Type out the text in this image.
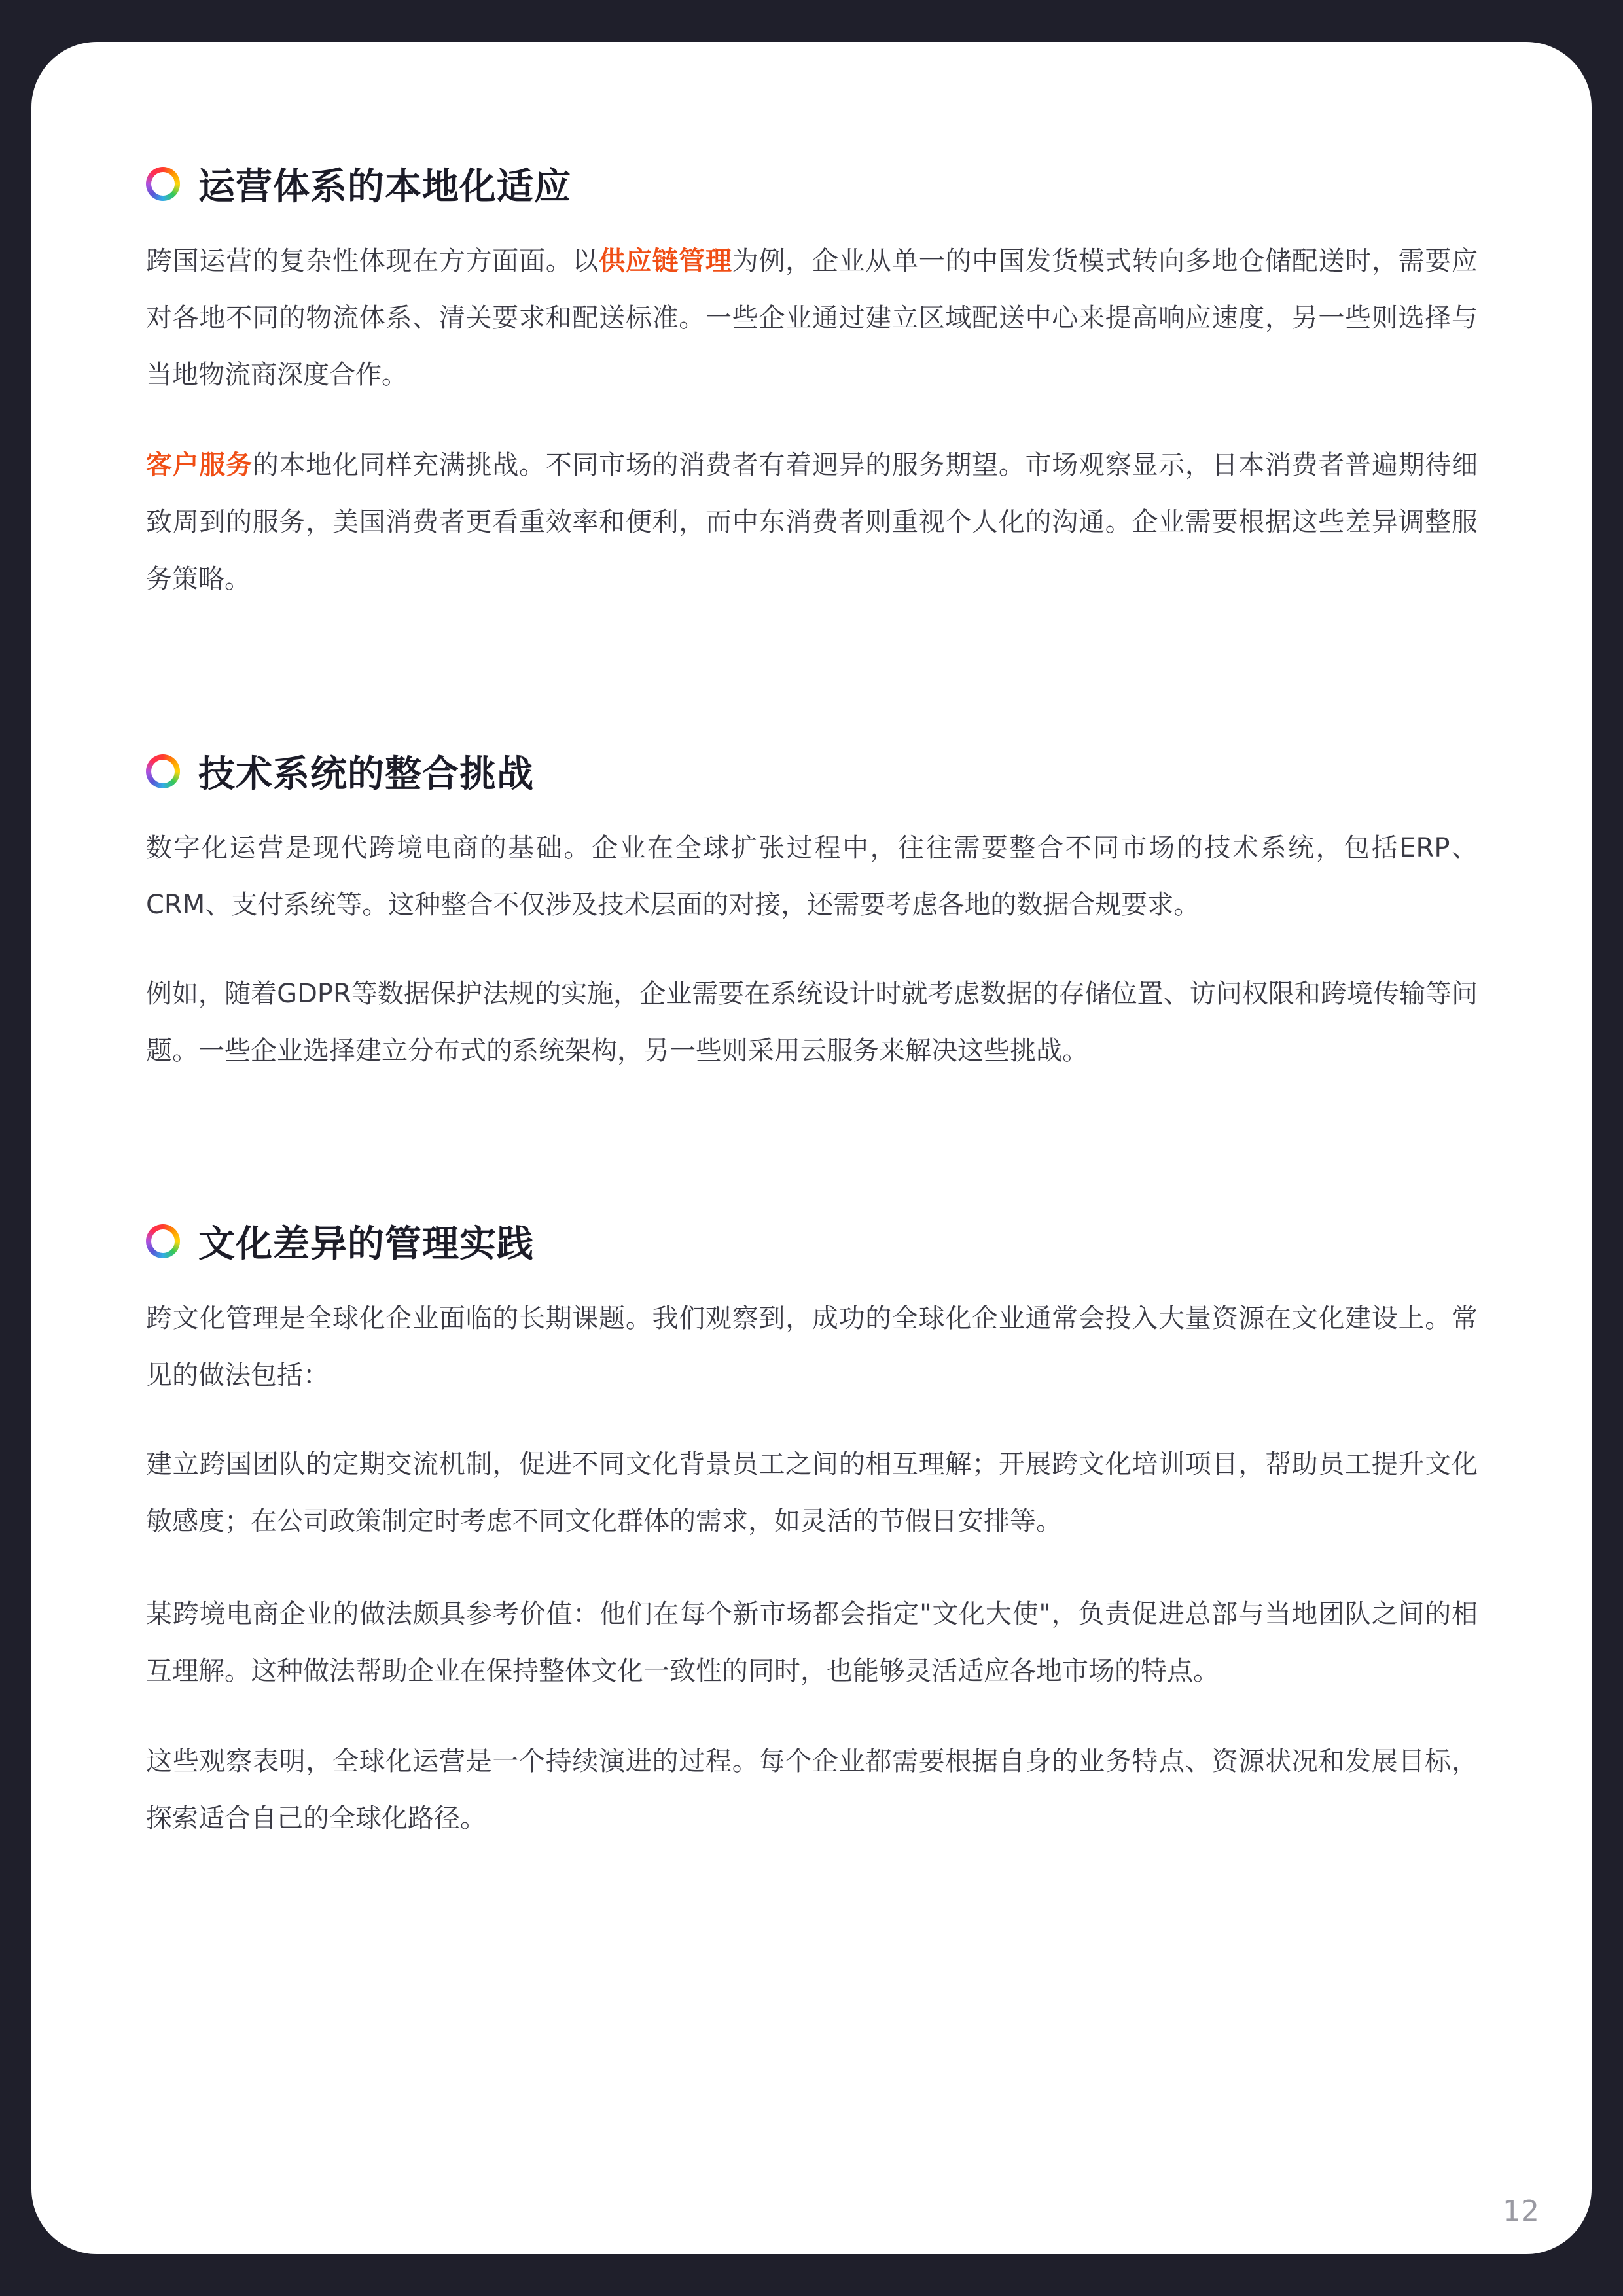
运营体系的本地化适应

跨国运营的复杂性体现在方方面面。以供应链管理为例，企业从单一的中国发货模式转向多地仓储配送时，需要应对各地不同的物流体系、清关要求和配送标准。一些企业通过建立区域配送中心来提高响应速度，另一些则选择与当地物流商深度合作。

客户服务的本地化同样充满挑战。不同市场的消费者有着迥异的服务期望。市场观察显示，日本消费者普遍期待细致周到的服务，美国消费者更看重效率和便利，而中东消费者则重视个人化的沟通。企业需要根据这些差异调整服务策略。

技术系统的整合挑战

数字化运营是现代跨境电商的基础。企业在全球扩张过程中，往往需要整合不同市场的技术系统，包括ERP、CRM、支付系统等。这种整合不仅涉及技术层面的对接，还需要考虑各地的数据合规要求。

例如，随着GDPR等数据保护法规的实施，企业需要在系统设计时就考虑数据的存储位置、访问权限和跨境传输等问题。一些企业选择建立分布式的系统架构，另一些则采用云服务来解决这些挑战。

文化差异的管理实践

跨文化管理是全球化企业面临的长期课题。我们观察到，成功的全球化企业通常会投入大量资源在文化建设上。常见的做法包括：

建立跨国团队的定期交流机制，促进不同文化背景员工之间的相互理解；开展跨文化培训项目，帮助员工提升文化敏感度；在公司政策制定时考虑不同文化群体的需求，如灵活的节假日安排等。

某跨境电商企业的做法颇具参考价值：他们在每个新市场都会指定"文化大使"，负责促进总部与当地团队之间的相互理解。这种做法帮助企业在保持整体文化一致性的同时，也能够灵活适应各地市场的特点。

这些观察表明，全球化运营是一个持续演进的过程。每个企业都需要根据自身的业务特点、资源状况和发展目标，探索适合自己的全球化路径。

12
